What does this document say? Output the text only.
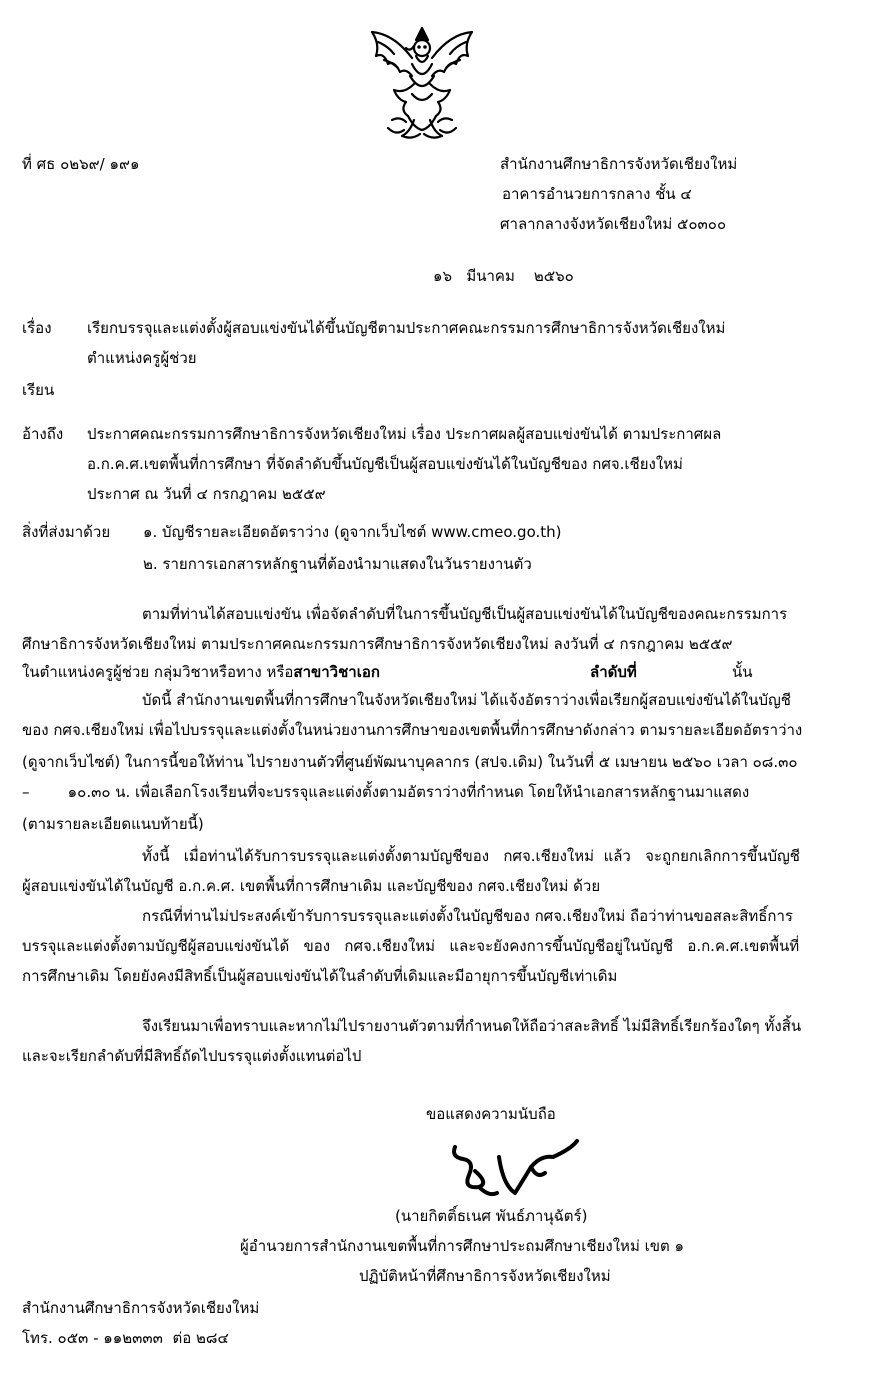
ที่ ศธ ๐๒๖๙/ ๑๙๑	สำนักงานศึกษาธิการจังหวัดเชียงใหม่
อาคารอำนวยการกลาง ชั้น ๔
ศาลากลางจังหวัดเชียงใหม่ ๕๐๓๐๐
๑๖   มีนาคม    ๒๕๖๐
เรื่อง เรียกบรรจุและแต่งตั้งผู้สอบแข่งขันได้ขึ้นบัญชีตามประกาศคณะกรรมการศึกษาธิการจังหวัดเชียงใหม่
ตำแหน่งครูผู้ช่วย
เรียน
อ้างถึง ประกาศคณะกรรมการศึกษาธิการจังหวัดเชียงใหม่ เรื่อง ประกาศผลผู้สอบแข่งขันได้ ตามประกาศผล
อ.ก.ค.ศ.เขตพื้นที่การศึกษา ที่จัดลำดับขึ้นบัญชีเป็นผู้สอบแข่งขันได้ในบัญชีของ กศจ.เชียงใหม่
ประกาศ ณ วันที่ ๔ กรกฎาคม ๒๕๕๙
สิ่งที่ส่งมาด้วย ๑. บัญชีรายละเอียดอัตราว่าง (ดูจากเว็บไซต์ www.cmeo.go.th)
๒. รายการเอกสารหลักฐานที่ต้องนำมาแสดงในวันรายงานตัว
ตามที่ท่านได้สอบแข่งขัน เพื่อจัดลำดับที่ในการขึ้นบัญชีเป็นผู้สอบแข่งขันได้ในบัญชีของคณะกรรมการ
ศึกษาธิการจังหวัดเชียงใหม่ ตามประกาศคณะกรรมการศึกษาธิการจังหวัดเชียงใหม่ ลงวันที่ ๔ กรกฎาคม ๒๕๕๙
ในตำแหน่งครูผู้ช่วย กลุ่มวิชาหรือทาง หรือสาขาวิชาเอก	ลำดับที่	นั้น
บัดนี้ สำนักงานเขตพื้นที่การศึกษาในจังหวัดเชียงใหม่ ได้แจ้งอัตราว่างเพื่อเรียกผู้สอบแข่งขันได้ในบัญชี
ของ กศจ.เชียงใหม่ เพื่อไปบรรจุและแต่งตั้งในหน่วยงานการศึกษาของเขตพื้นที่การศึกษาดังกล่าว ตามรายละเอียดอัตราว่าง
(ดูจากเว็บไซต์) ในการนี้ขอให้ท่าน ไปรายงานตัวที่ศูนย์พัฒนาบุคลากร (สปจ.เดิม) ในวันที่ ๕ เมษายน ๒๕๖๐ เวลา ๐๘.๓๐
–        ๑๐.๓๐ น. เพื่อเลือกโรงเรียนที่จะบรรจุและแต่งตั้งตามอัตราว่างที่กำหนด โดยให้นำเอกสารหลักฐานมาแสดง
(ตามรายละเอียดแนบท้ายนี้)
ทั้งนี้   เมื่อท่านได้รับการบรรจุและแต่งตั้งตามบัญชีของ   กศจ.เชียงใหม่  แล้ว   จะถูกยกเลิกการขึ้นบัญชี
ผู้สอบแข่งขันได้ในบัญชี อ.ก.ค.ศ. เขตพื้นที่การศึกษาเดิม และบัญชีของ กศจ.เชียงใหม่ ด้วย
กรณีที่ท่านไม่ประสงค์เข้ารับการบรรจุและแต่งตั้งในบัญชีของ กศจ.เชียงใหม่ ถือว่าท่านขอสละสิทธิ์การ
บรรจุและแต่งตั้งตามบัญชีผู้สอบแข่งขันได้   ของ   กศจ.เชียงใหม่   และจะยังคงการขึ้นบัญชีอยู่ในบัญชี   อ.ก.ค.ศ.เขตพื้นที่
การศึกษาเดิม โดยยังคงมีสิทธิ์เป็นผู้สอบแข่งขันได้ในลำดับที่เดิมและมีอายุการขึ้นบัญชีเท่าเดิม
จึงเรียนมาเพื่อทราบและหากไม่ไปรายงานตัวตามที่กำหนดให้ถือว่าสละสิทธิ์ ไม่มีสิทธิ์เรียกร้องใดๆ ทั้งสิ้น
และจะเรียกลำดับที่มีสิทธิ์ถัดไปบรรจุแต่งตั้งแทนต่อไป
ขอแสดงความนับถือ
(นายกิตติ์ธเนศ พันธ์ภานุฉัตร์)
ผู้อำนวยการสำนักงานเขตพื้นที่การศึกษาประถมศึกษาเชียงใหม่ เขต ๑
ปฏิบัติหน้าที่ศึกษาธิการจังหวัดเชียงใหม่
สำนักงานศึกษาธิการจังหวัดเชียงใหม่
โทร. ๐๕๓ - ๑๑๒๓๓๓  ต่อ ๒๘๔
